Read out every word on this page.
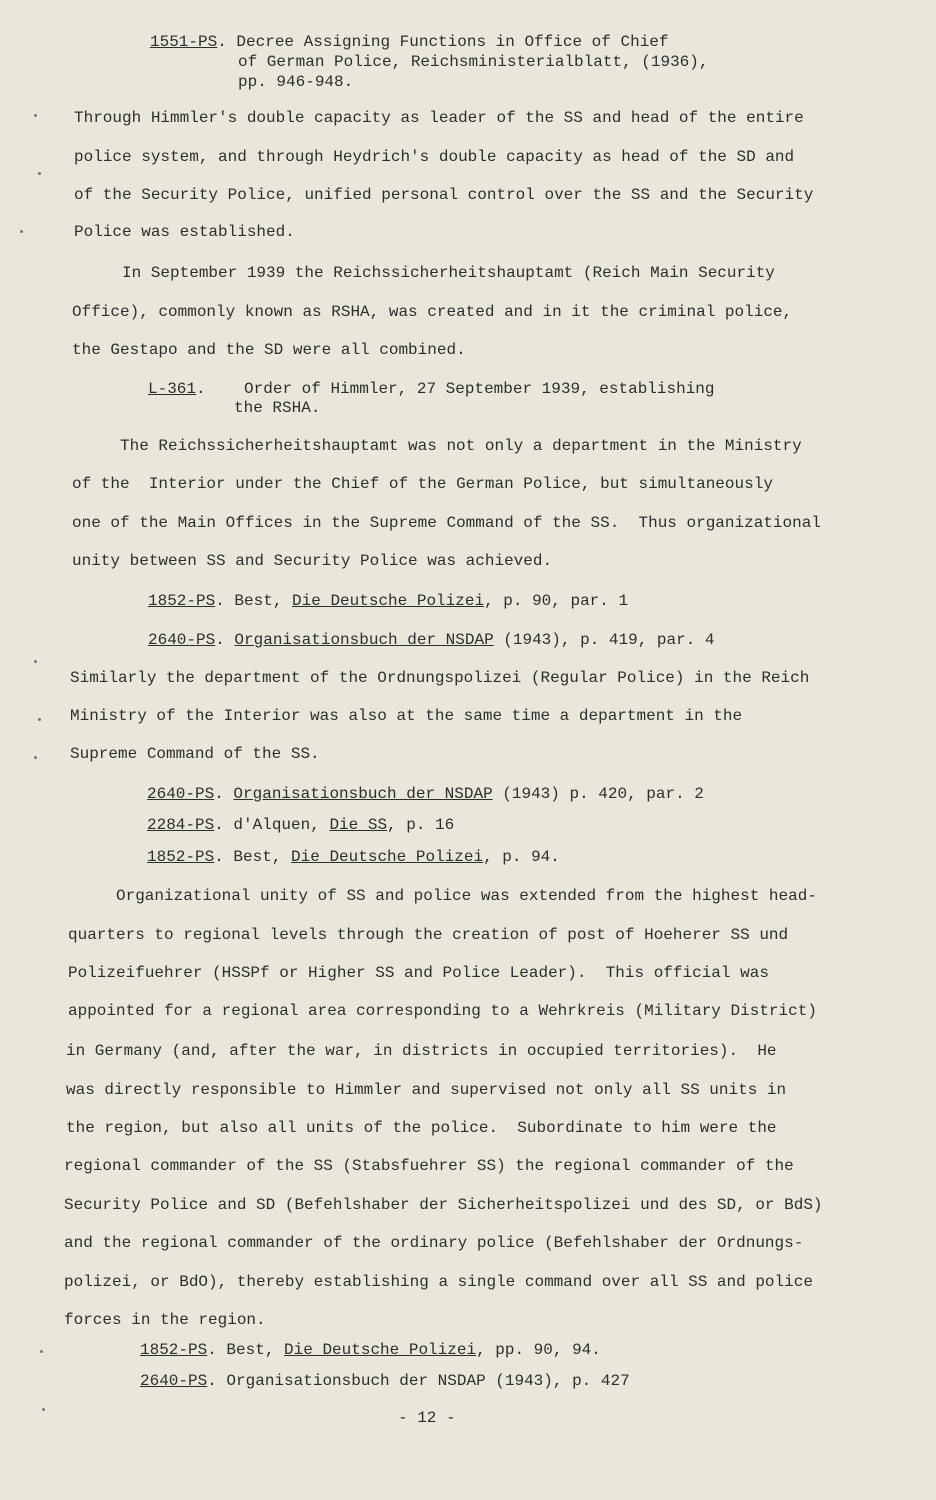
1551-PS. Decree Assigning Functions in Office of Chief
of German Police, Reichsministerialblatt, (1936),
pp. 946-948.
Through Himmler's double capacity as leader of the SS and head of the entire
police system, and through Heydrich's double capacity as head of the SD and
of the Security Police, unified personal control over the SS and the Security
Police was established.
In September 1939 the Reichssicherheitshauptamt (Reich Main Security
Office), commonly known as RSHA, was created and in it the criminal police,
the Gestapo and the SD were all combined.
L-361.    Order of Himmler, 27 September 1939, establishing
the RSHA.
The Reichssicherheitshauptamt was not only a department in the Ministry
of the  Interior under the Chief of the German Police, but simultaneously
one of the Main Offices in the Supreme Command of the SS.  Thus organizational
unity between SS and Security Police was achieved.
1852-PS. Best, Die Deutsche Polizei, p. 90, par. 1
2640-PS. Organisationsbuch der NSDAP (1943), p. 419, par. 4
Similarly the department of the Ordnungspolizei (Regular Police) in the Reich
Ministry of the Interior was also at the same time a department in the
Supreme Command of the SS.
2640-PS. Organisationsbuch der NSDAP (1943) p. 420, par. 2
2284-PS. d'Alquen, Die SS, p. 16
1852-PS. Best, Die Deutsche Polizei, p. 94.
Organizational unity of SS and police was extended from the highest head-
quarters to regional levels through the creation of post of Hoeherer SS und
Polizeifuehrer (HSSPf or Higher SS and Police Leader).  This official was
appointed for a regional area corresponding to a Wehrkreis (Military District)
in Germany (and, after the war, in districts in occupied territories).  He
was directly responsible to Himmler and supervised not only all SS units in
the region, but also all units of the police.  Subordinate to him were the
regional commander of the SS (Stabsfuehrer SS) the regional commander of the
Security Police and SD (Befehlshaber der Sicherheitspolizei und des SD, or BdS)
and the regional commander of the ordinary police (Befehlshaber der Ordnungs-
polizei, or BdO), thereby establishing a single command over all SS and police
forces in the region.
1852-PS. Best, Die Deutsche Polizei, pp. 90, 94.
2640-PS. Organisationsbuch der NSDAP (1943), p. 427
- 12 -
